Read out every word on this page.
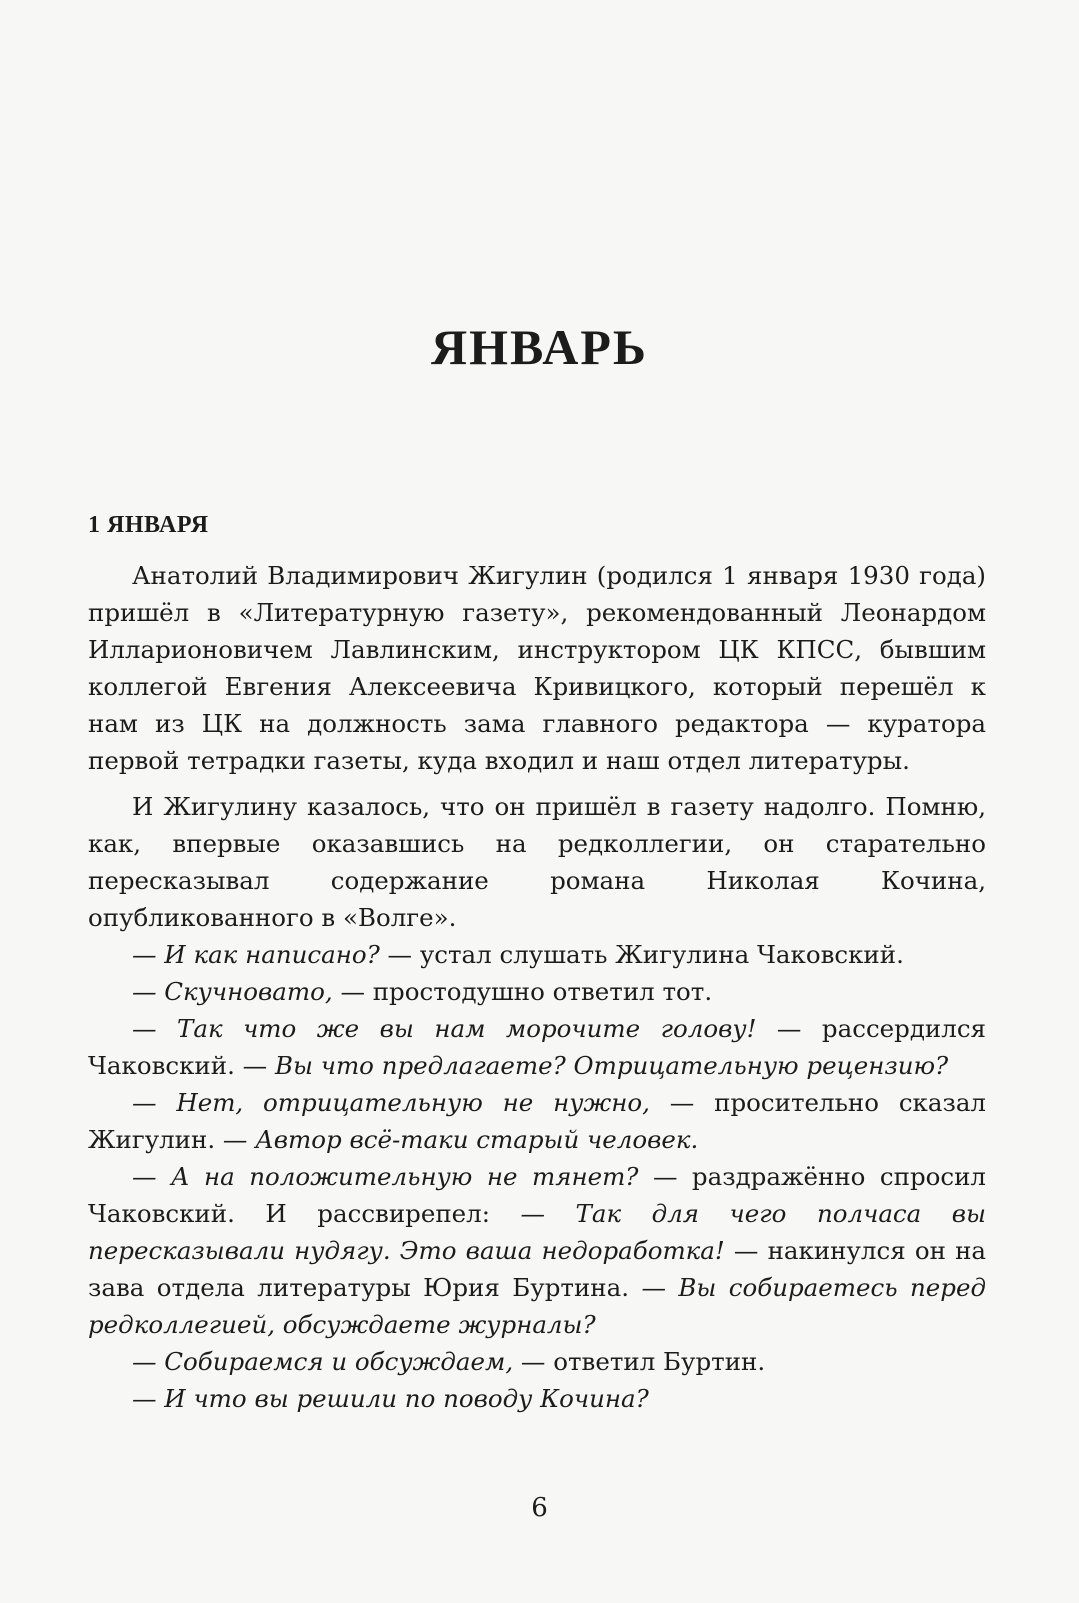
ЯНВАРЬ
1 ЯНВАРЯ

Анатолий Владимирович Жигулин (родился 1 января 1930 года) пришёл в «Литературную газету», рекомендованный Леонардом Илларионовичем Лавлинским, инструктором ЦК КПСС, бывшим коллегой Евгения Алексеевича Кривицкого, который перешёл к нам из ЦК на должность зама главного редактора — куратора первой тетрадки газеты, куда входил и наш отдел литературы.

И Жигулину казалось, что он пришёл в газету надолго. Помню, как, впервые оказавшись на редколлегии, он старательно пересказывал содержание романа Николая Кочина, опубликованного в «Волге».

— И как написано? — устал слушать Жигулина Чаковский.

— Скучновато, — простодушно ответил тот.

— Так что же вы нам морочите голову! — рассердился Чаковский. — Вы что предлагаете? Отрицательную рецензию?

— Нет, отрицательную не нужно, — просительно сказал Жигулин. — Автор всё-таки старый человек.

— А на положительную не тянет? — раздражённо спросил Чаковский. И рассвирепел: — Так для чего полчаса вы пересказывали нудягу. Это ваша недоработка! — накинулся он на зава отдела литературы Юрия Буртина. — Вы собираетесь перед редколлегией, обсуждаете журналы?

— Собираемся и обсуждаем, — ответил Буртин.

— И что вы решили по поводу Кочина?

6
